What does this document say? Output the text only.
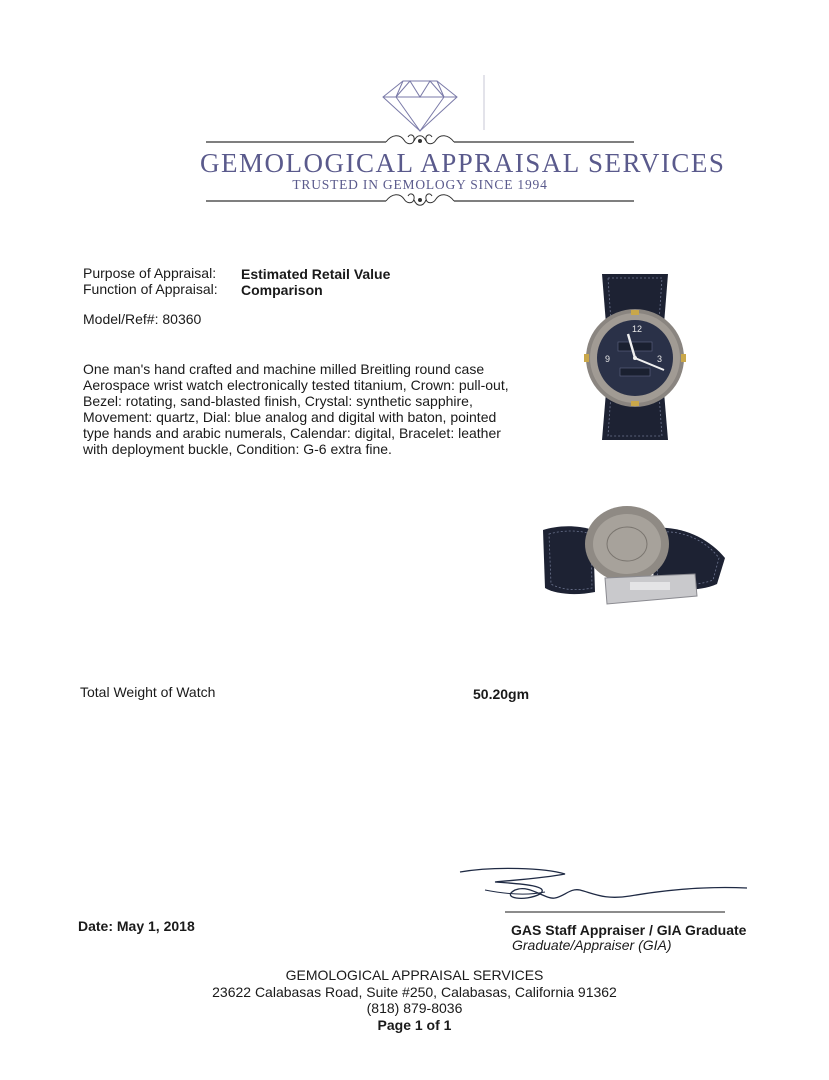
GEMOLOGICAL APPRAISAL SERVICES
TRUSTED IN GEMOLOGY SINCE 1994
Purpose of Appraisal: Estimated Retail Value
Function of Appraisal: Comparison
Model/Ref#: 80360
One man's hand crafted and machine milled Breitling round case Aerospace wrist watch electronically tested titanium, Crown: pull-out, Bezel: rotating, sand-blasted finish, Crystal: synthetic sapphire, Movement: quartz, Dial: blue analog and digital with baton, pointed type hands and arabic numerals, Calendar: digital, Bracelet: leather with deployment buckle, Condition: G-6 extra fine.
12
3
9
Total Weight of Watch	50.20gm
Date: May 1, 2018	GAS Staff Appraiser / GIA Graduate
Graduate/Appraiser (GIA)
GEMOLOGICAL APPRAISAL SERVICES
23622 Calabasas Road, Suite #250, Calabasas, California 91362
(818) 879-8036
Page 1 of 1
